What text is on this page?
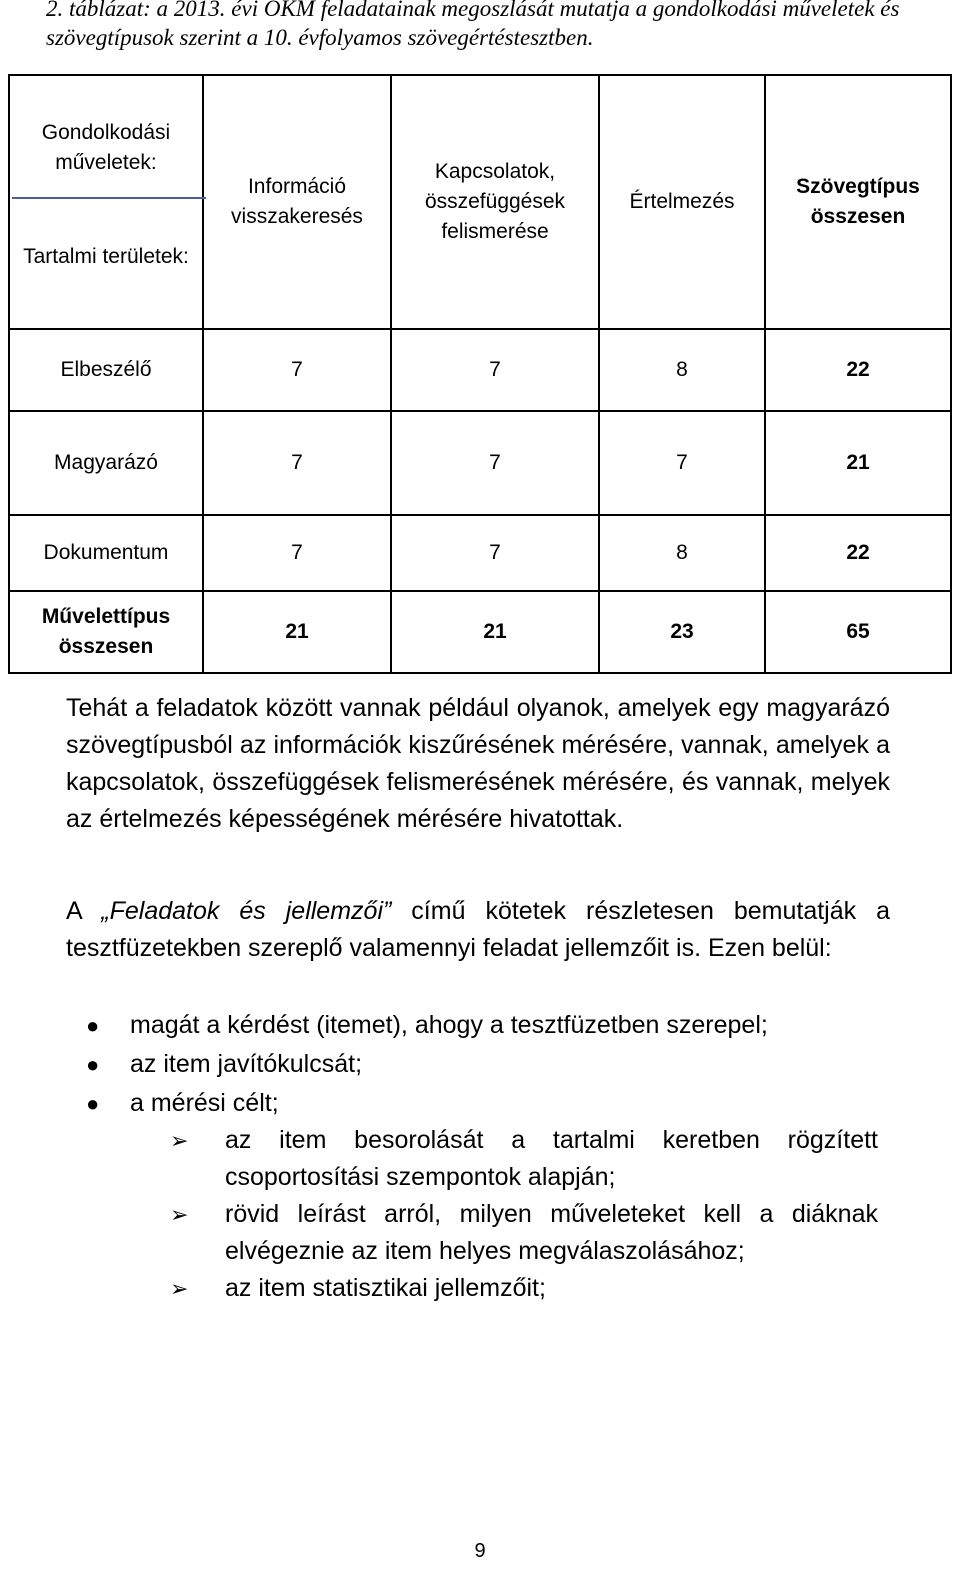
2. táblázat: a 2013. évi OKM feladatainak megoszlását mutatja a gondolkodási műveletek és szövegtípusok szerint a 10. évfolyamos szövegértéstesztben.
Gondolkodási műveletek:
Tartalmi területek:	Információ visszakeresés	Kapcsolatok, összefüggések felismerése	Értelmezés	Szövegtípus összesen
Elbeszélő	7	7	8	22
Magyarázó	7	7	7	21
Dokumentum	7	7	8	22
Művelettípus összesen	21	21	23	65
Tehát a feladatok között vannak például olyanok, amelyek egy magyarázó szövegtípusból az információk kiszűrésének mérésére, vannak, amelyek a kapcsolatok, összefüggések felismerésének mérésére, és vannak, melyek az értelmezés képességének mérésére hivatottak.
A „Feladatok és jellemzői” című kötetek részletesen bemutatják a tesztfüzetekben szereplő valamennyi feladat jellemzőit is. Ezen belül:
● magát a kérdést (itemet), ahogy a tesztfüzetben szerepel;
● az item javítókulcsát;
● a mérési célt;
➢ az item besorolását a tartalmi keretben rögzített csoportosítási szempontok alapján;
➢ rövid leírást arról, milyen műveleteket kell a diáknak elvégeznie az item helyes megválaszolásához;
➢ az item statisztikai jellemzőit;
9
